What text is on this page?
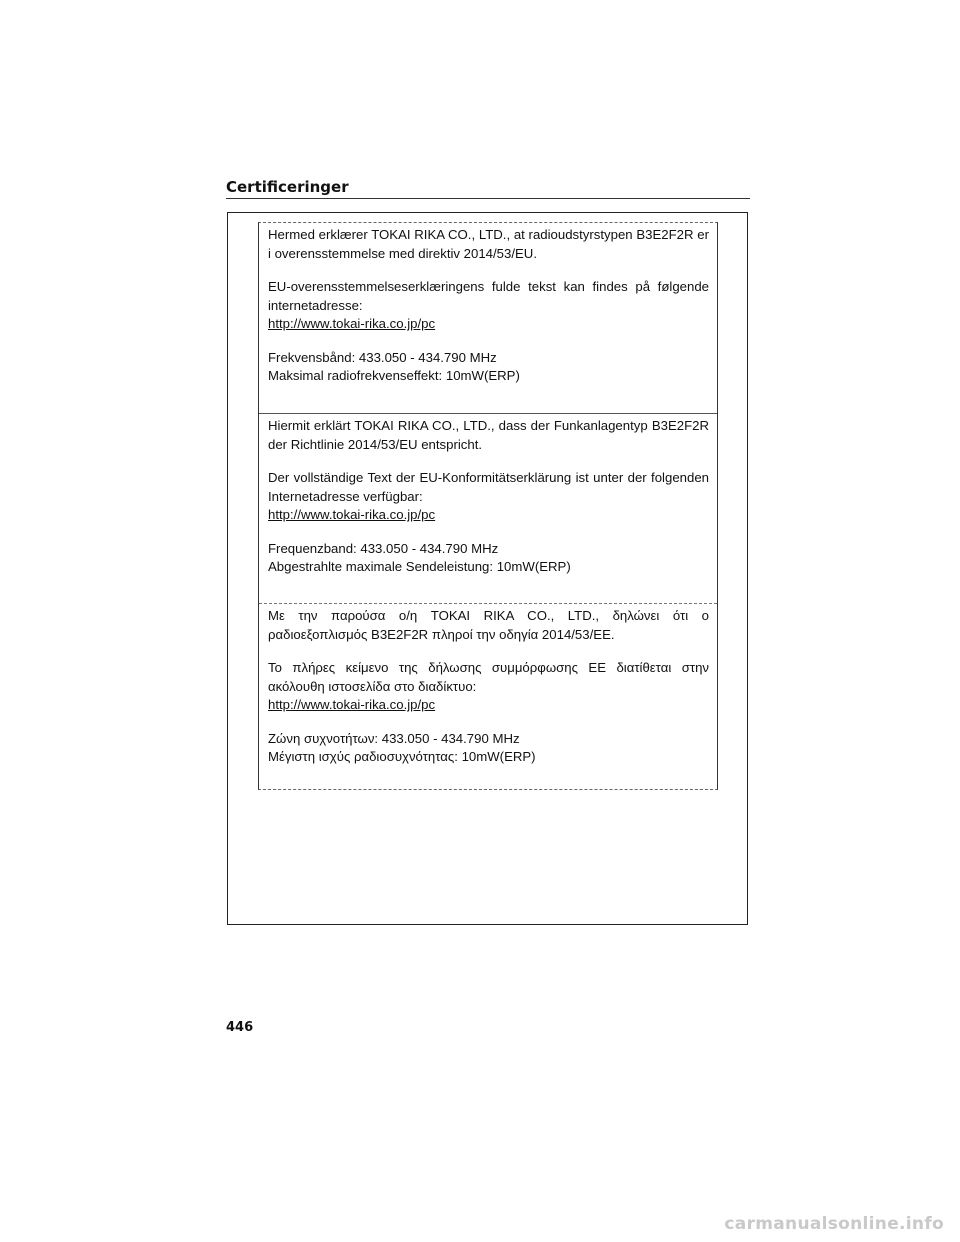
Certificeringer

Hermed erklærer TOKAI RIKA CO., LTD., at radioudstyrstypen B3E2F2R er i overensstemmelse med direktiv 2014/53/EU.

EU-overensstemmelseserklæringens fulde tekst kan findes på følgende internetadresse:

http://www.tokai-rika.co.jp/pc

Frekvensbånd: 433.050 - 434.790 MHz

Maksimal radiofrekvenseffekt: 10mW(ERP)

Hiermit erklärt TOKAI RIKA CO., LTD., dass der Funkanlagentyp B3E2F2R der Richtlinie 2014/53/EU entspricht.

Der vollständige Text der EU-Konformitätserklärung ist unter der folgenden Internetadresse verfügbar:

http://www.tokai-rika.co.jp/pc

Frequenzband: 433.050 - 434.790 MHz

Abgestrahlte maximale Sendeleistung: 10mW(ERP)

Με την παρούσα ο/η TOKAI RIKA CO., LTD., δηλώνει ότι ο ραδιοεξοπλισμός B3E2F2R πληροί την οδηγία 2014/53/ΕΕ.

Το πλήρες κείμενο της δήλωσης συμμόρφωσης ΕΕ διατίθεται στην ακόλουθη ιστοσελίδα στο διαδίκτυο:

http://www.tokai-rika.co.jp/pc

Ζώνη συχνοτήτων: 433.050 - 434.790 MHz

Μέγιστη ισχύς ραδιοσυχνότητας: 10mW(ERP)

446
carmanualsonline.info
